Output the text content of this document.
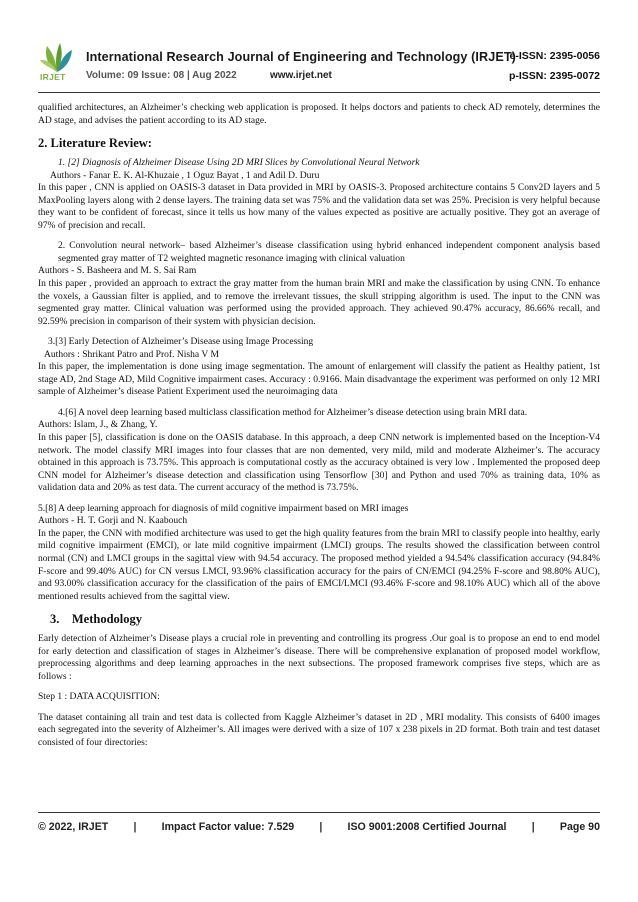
IRJET
International Research Journal of Engineering and Technology (IRJET)
Volume: 09 Issue: 08 | Aug 2022	www.irjet.net
e-ISSN: 2395-0056
p-ISSN: 2395-0072

qualified architectures, an Alzheimer’s checking web application is proposed. It helps doctors and patients to check AD remotely, determines the AD stage, and advises the patient according to its AD stage.

2. Literature Review:

1. [2] Diagnosis of Alzheimer Disease Using 2D MRI Slices by Convolutional Neural Network

Authors - Fanar E. K. Al-Khuzaie , 1 Oguz Bayat , 1 and Adil D. Duru

In this paper , CNN is applied on OASIS-3 dataset in Data provided in MRI by OASIS-3. Proposed architecture contains 5 Conv2D layers and 5 MaxPooling layers along with 2 dense layers. The training data set was 75% and the validation data set was 25%. Precision is very helpful because they want to be confident of forecast, since it tells us how many of the values expected as positive are actually positive. They got an average of 97% of precision and recall.

2. Convolution neural network– based Alzheimer’s disease classification using hybrid enhanced independent component analysis based segmented gray matter of T2 weighted magnetic resonance imaging with clinical valuation

Authors - S. Basheera and M. S. Sai Ram

In this paper , provided an approach to extract the gray matter from the human brain MRI and make the classification by using CNN. To enhance the voxels, a Gaussian filter is applied, and to remove the irrelevant tissues, the skull stripping algorithm is used. The input to the CNN was segmented gray matter. Clinical valuation was performed using the provided approach. They achieved 90.47% accuracy, 86.66% recall, and 92.59% precision in comparison of their system with physician decision.

3.[3] Early Detection of Alzheimer’s Disease using Image Processing

Authors : Shrikant Patro and Prof. Nisha V M

In this paper, the implementation is done using image segmentation. The amount of enlargement will classify the patient as Healthy patient, 1st stage AD, 2nd Stage AD, Mild Cognitive impairment cases. Accuracy : 0.9166. Main disadvantage the experiment was performed on only 12 MRI sample of Alzheimer’s disease Patient Experiment used the neuroimaging data

4.[6] A novel deep learning based multiclass classification method for Alzheimer’s disease detection using brain MRI data.

Authors: Islam, J., & Zhang, Y.

In this paper [5], classification is done on the OASIS database. In this approach, a deep CNN network is implemented based on the Inception-V4 network. The model classify MRI images into four classes that are non demented, very mild, mild and moderate Alzheimer’s. The accuracy obtained in this approach is 73.75%. This approach is computational costly as the accuracy obtained is very low . Implemented the proposed deep CNN model for Alzheimer’s disease detection and classification using Tensorflow [30] and Python and used 70% as training data, 10% as validation data and 20% as test data. The current accuracy of the method is 73.75%.

5.[8] A deep learning approach for diagnosis of mild cognitive impairment based on MRI images

Authors - H. T. Gorji and N. Kaabouch

In the paper, the CNN with modified architecture was used to get the high quality features from the brain MRI to classify people into healthy, early mild cognitive impairment (EMCI), or late mild cognitive impairment (LMCI) groups. The results showed the classification between control normal (CN) and LMCI groups in the sagittal view with 94.54 accuracy. The proposed method yielded a 94.54% classification accuracy (94.84% F-score and 99.40% AUC) for CN versus LMCI, 93.96% classification accuracy for the pairs of CN/EMCI (94.25% F-score and 98.80% AUC), and 93.00% classification accuracy for the classification of the pairs of EMCI/LMCI (93.46% F-score and 98.10% AUC) which all of the above mentioned results achieved from the sagittal view.

3.    Methodology

Early detection of Alzheimer’s Disease plays a crucial role in preventing and controlling its progress .Our goal is to propose an end to end model for early detection and classification of stages in Alzheimer’s disease. There will be comprehensive explanation of proposed model workflow, preprocessing algorithms and deep learning approaches in the next subsections. The proposed framework comprises five steps, which are as follows :

Step 1 : DATA ACQUISITION:

The dataset containing all train and test data is collected from Kaggle Alzheimer’s dataset in 2D , MRI modality. This consists of 6400 images each segregated into the severity of Alzheimer’s. All images were derived with a size of 107 x 238 pixels in 2D format. Both train and test dataset consisted of four directories:

© 2022, IRJET | Impact Factor value: 7.529 | ISO 9001:2008 Certified Journal | Page 90
